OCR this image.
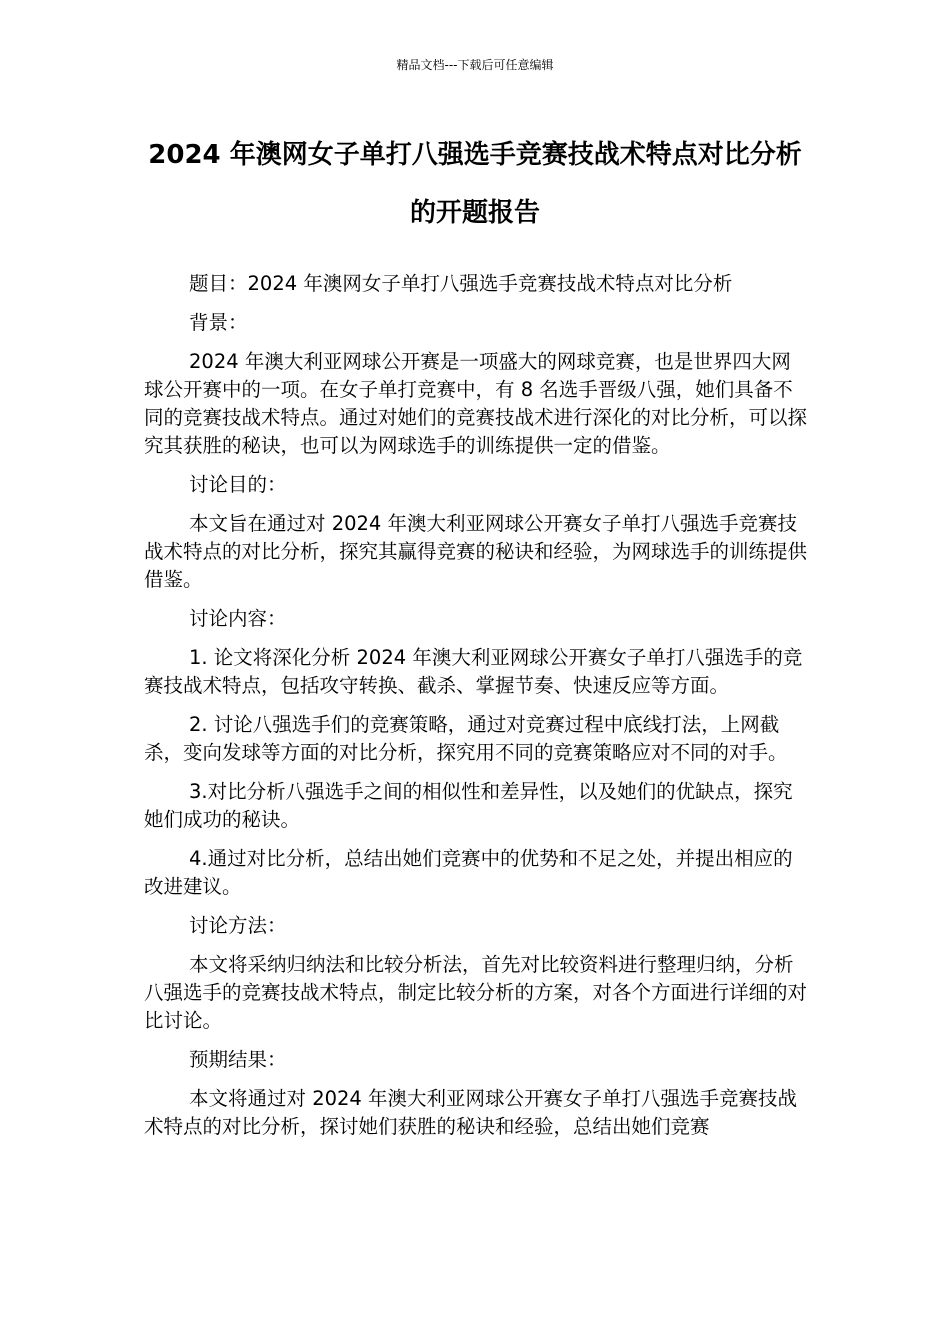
精品文档---下载后可任意编辑
2024 年澳网女子单打八强选手竞赛技战术特点对比分析的开题报告

题目：2024 年澳网女子单打八强选手竞赛技战术特点对比分析

背景：

2024 年澳大利亚网球公开赛是一项盛大的网球竞赛，也是世界四大网球公开赛中的一项。在女子单打竞赛中，有 8 名选手晋级八强，她们具备不同的竞赛技战术特点。通过对她们的竞赛技战术进行深化的对比分析，可以探究其获胜的秘诀，也可以为网球选手的训练提供一定的借鉴。

讨论目的：

本文旨在通过对 2024 年澳大利亚网球公开赛女子单打八强选手竞赛技战术特点的对比分析，探究其赢得竞赛的秘诀和经验，为网球选手的训练提供借鉴。

讨论内容：

1. 论文将深化分析 2024 年澳大利亚网球公开赛女子单打八强选手的竞赛技战术特点，包括攻守转换、截杀、掌握节奏、快速反应等方面。

2. 讨论八强选手们的竞赛策略，通过对竞赛过程中底线打法，上网截杀，变向发球等方面的对比分析，探究用不同的竞赛策略应对不同的对手。

3.对比分析八强选手之间的相似性和差异性，以及她们的优缺点，探究她们成功的秘诀。

4.通过对比分析，总结出她们竞赛中的优势和不足之处，并提出相应的改进建议。

讨论方法：

本文将采纳归纳法和比较分析法，首先对比较资料进行整理归纳，分析八强选手的竞赛技战术特点，制定比较分析的方案，对各个方面进行详细的对比讨论。

预期结果：

本文将通过对 2024 年澳大利亚网球公开赛女子单打八强选手竞赛技战术特点的对比分析，探讨她们获胜的秘诀和经验，总结出她们竞赛
